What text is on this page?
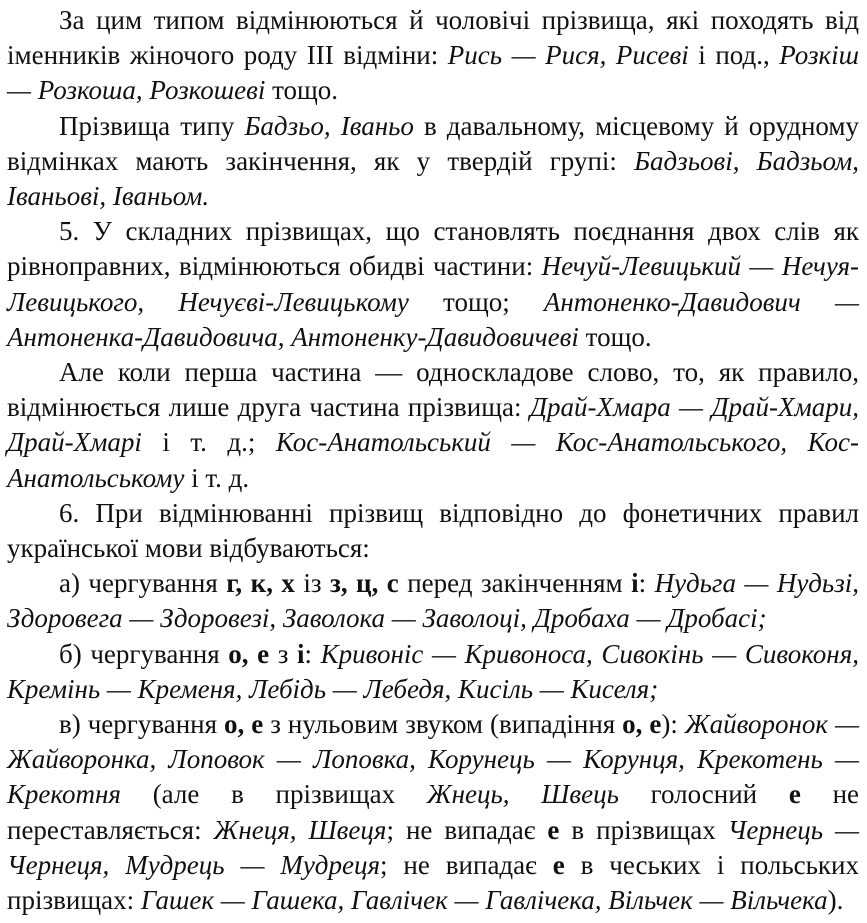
За цим типом відмінюються й чоловічі прізвища, які походять від іменників жіночого роду III відміни: Рись — Рися, Рисеві і под., Розкіш — Розкоша, Розкошеві тощо.

Прізвища типу Бадзьо, Іваньо в давальному, місцевому й орудному відмінках мають закінчення, як у твердій групі: Бадзьові, Бадзьом, Іваньові, Іваньом.

5. У складних прізвищах, що становлять поєднання двох слів як рівноправних, відмінюються обидві частини: Нечуй-Левицький — Нечуя-Левицького, Нечуєві-Левицькому тощо; Антоненко-Давидович — Антоненка-Давидовича, Антоненку-Давидовичеві тощо.

Але коли перша частина — односкладове слово, то, як правило, відмінюється лише друга частина прізвища: Драй-Хмара — Драй-Хмари, Драй-Хмарі і т. д.; Кос-Анатольський — Кос-Анатольського, Кос-Анатольському і т. д.

6. При відмінюванні прізвищ відповідно до фонетичних правил української мови відбуваються:

а) чергування г, к, х із з, ц, с перед закінченням і: Нудьга — Нудьзі, Здоровега — Здоровезі, Заволока — Заволоці, Дробаха — Дробасі;

б) чергування о, е з і: Кривоніс — Кривоноса, Сивокінь — Сивоконя, Кремінь — Кременя, Лебідь — Лебедя, Кисіль — Киселя;

в) чергування о, е з нульовим звуком (випадіння о, е): Жайворонок — Жайворонка, Лоповок — Лоповка, Корунець — Корунця, Крекотень — Крекотня (але в прізвищах Жнець, Швець голосний е не переставляється: Жнеця, Швеця; не випадає е в прізвищах Чернець — Чернеця, Мудрець — Мудреця; не випадає е в чеських і польських прізвищах: Гашек — Гашека, Гавлічек — Гавлічека, Вільчек — Вільчека).
